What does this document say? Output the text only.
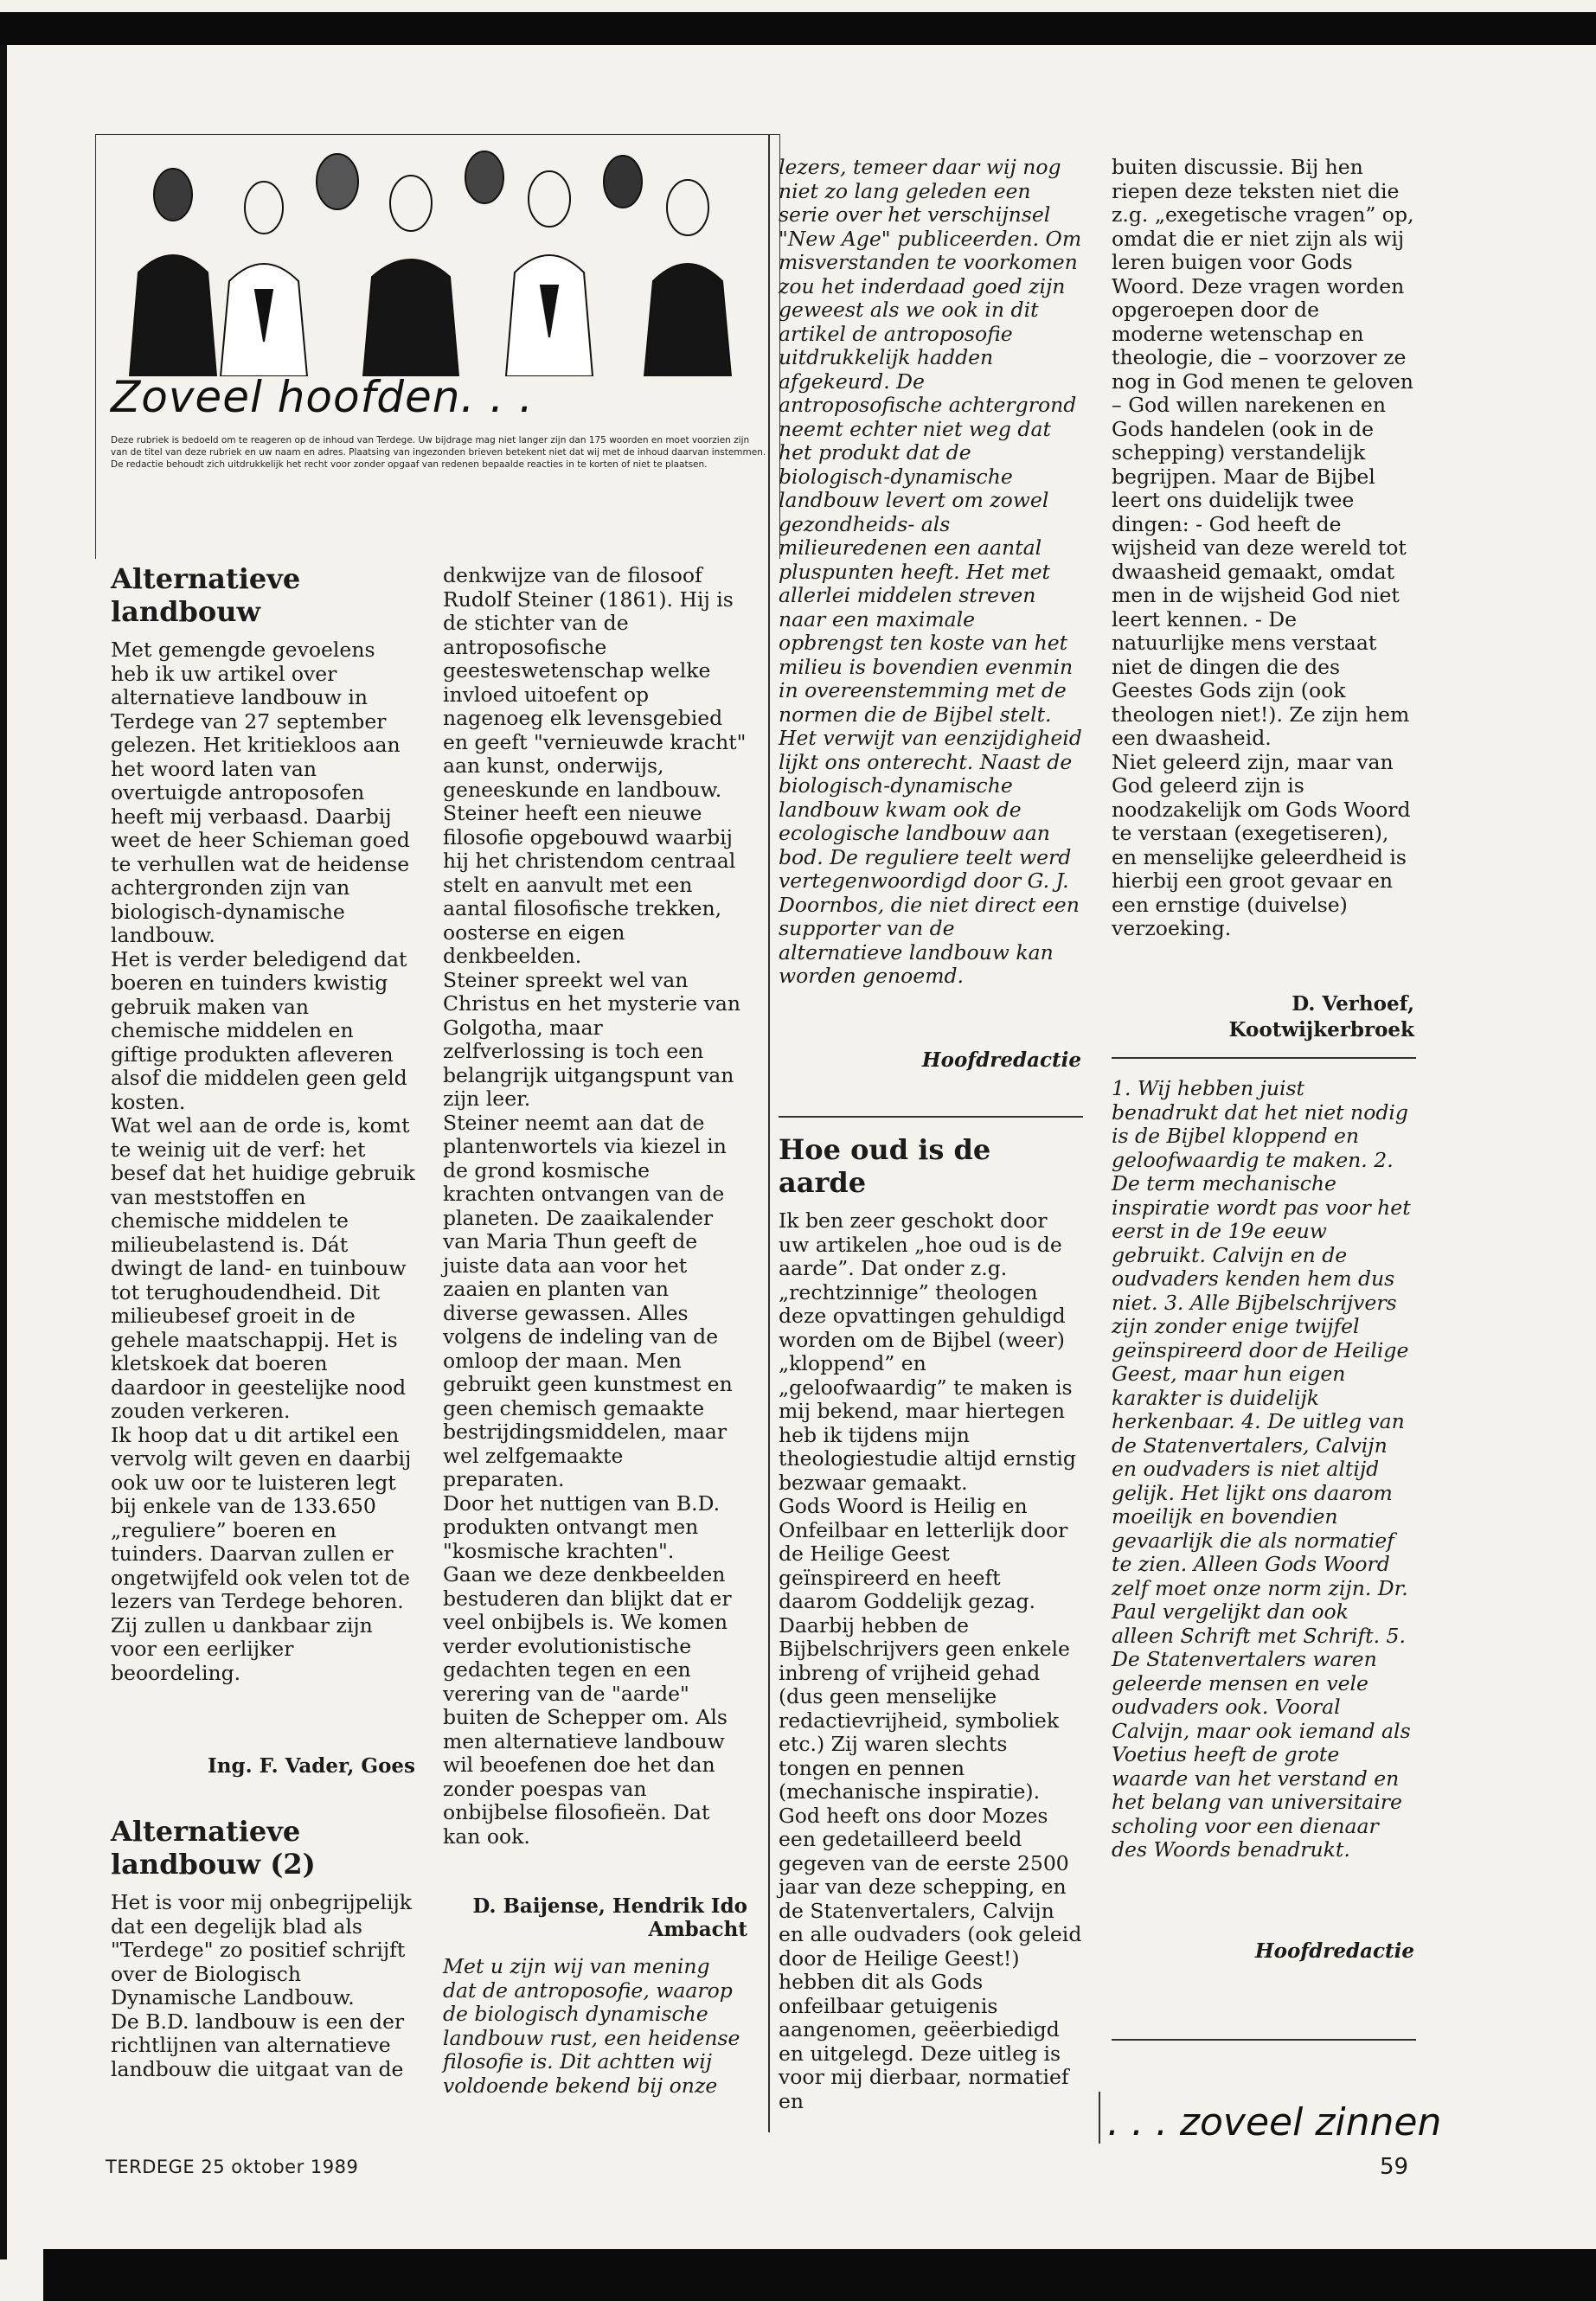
Zoveel hoofden. . .
Deze rubriek is bedoeld om te reageren op de inhoud van Terdege. Uw bijdrage mag niet langer zijn dan 175 woorden en moet voorzien zijn van de titel van deze rubriek en uw naam en adres. Plaatsing van ingezonden brieven betekent niet dat wij met de inhoud daarvan instemmen. De redactie behoudt zich uitdrukkelijk het recht voor zonder opgaaf van redenen bepaalde reacties in te korten of niet te plaatsen.
Alternatieve landbouw

Met gemengde gevoelens heb ik uw artikel over alternatieve landbouw in Terdege van 27 september gelezen. Het kritiekloos aan het woord laten van overtuigde antroposofen heeft mij verbaasd. Daarbij weet de heer Schieman goed te verhullen wat de heidense achtergronden zijn van biologisch-dynamische landbouw.

Het is verder beledigend dat boeren en tuinders kwistig gebruik maken van chemische middelen en giftige produkten afleveren alsof die middelen geen geld kosten.

Wat wel aan de orde is, komt te weinig uit de verf: het besef dat het huidige gebruik van meststoffen en chemische middelen te milieubelastend is. Dát dwingt de land- en tuinbouw tot terughoudendheid. Dit milieubesef groeit in de gehele maatschappij. Het is kletskoek dat boeren daardoor in geestelijke nood zouden verkeren.

Ik hoop dat u dit artikel een vervolg wilt geven en daarbij ook uw oor te luisteren legt bij enkele van de 133.650 „reguliere” boeren en tuinders. Daarvan zullen er ongetwijfeld ook velen tot de lezers van Terdege behoren. Zij zullen u dankbaar zijn voor een eerlijker beoordeling.

Ing. F. Vader, Goes
Alternatieve landbouw (2)

Het is voor mij onbegrijpelijk dat een degelijk blad als "Terdege" zo positief schrijft over de Biologisch Dynamische Landbouw.

De B.D. landbouw is een der richtlijnen van alternatieve landbouw die uitgaat van de

denkwijze van de filosoof Rudolf Steiner (1861). Hij is de stichter van de antroposofische geesteswetenschap welke invloed uitoefent op nagenoeg elk levensgebied en geeft "vernieuwde kracht" aan kunst, onderwijs, geneeskunde en landbouw.

Steiner heeft een nieuwe filosofie opgebouwd waarbij hij het christendom centraal stelt en aanvult met een aantal filosofische trekken, oosterse en eigen denkbeelden.

Steiner spreekt wel van Christus en het mysterie van Golgotha, maar zelfverlossing is toch een belangrijk uitgangspunt van zijn leer.

Steiner neemt aan dat de plantenwortels via kiezel in de grond kosmische krachten ontvangen van de planeten. De zaaikalender van Maria Thun geeft de juiste data aan voor het zaaien en planten van diverse gewassen. Alles volgens de indeling van de omloop der maan. Men gebruikt geen kunstmest en geen chemisch gemaakte bestrijdingsmiddelen, maar wel zelfgemaakte preparaten.

Door het nuttigen van B.D. produkten ontvangt men "kosmische krachten".

Gaan we deze denkbeelden bestuderen dan blijkt dat er veel onbijbels is. We komen verder evolutionistische gedachten tegen en een verering van de "aarde" buiten de Schepper om. Als men alternatieve landbouw wil beoefenen doe het dan zonder poespas van onbijbelse filosofieën. Dat kan ook.

D. Baijense, Hendrik Ido Ambacht
Met u zijn wij van mening dat de antroposofie, waarop de biologisch dynamische landbouw rust, een heidense filosofie is. Dit achtten wij voldoende bekend bij onze
lezers, temeer daar wij nog niet zo lang geleden een serie over het verschijnsel "New Age" publiceerden. Om misverstanden te voorkomen zou het inderdaad goed zijn geweest als we ook in dit artikel de antroposofie uitdrukkelijk hadden afgekeurd. De antroposofische achtergrond neemt echter niet weg dat het produkt dat de biologisch-dynamische landbouw levert om zowel gezondheids- als milieuredenen een aantal pluspunten heeft. Het met allerlei middelen streven naar een maximale opbrengst ten koste van het milieu is bovendien evenmin in overeenstemming met de normen die de Bijbel stelt. Het verwijt van eenzijdigheid lijkt ons onterecht. Naast de biologisch-dynamische landbouw kwam ook de ecologische landbouw aan bod. De reguliere teelt werd vertegenwoordigd door G. J. Doornbos, die niet direct een supporter van de alternatieve landbouw kan worden genoemd.
Hoofdredactie
Hoe oud is de aarde

Ik ben zeer geschokt door uw artikelen „hoe oud is de aarde”. Dat onder z.g. „rechtzinnige” theologen deze opvattingen gehuldigd worden om de Bijbel (weer) „kloppend” en „geloofwaardig” te maken is mij bekend, maar hiertegen heb ik tijdens mijn theologiestudie altijd ernstig bezwaar gemaakt.

Gods Woord is Heilig en Onfeilbaar en letterlijk door de Heilige Geest geïnspireerd en heeft daarom Goddelijk gezag. Daarbij hebben de Bijbelschrijvers geen enkele inbreng of vrijheid gehad (dus geen menselijke redactievrijheid, symboliek etc.) Zij waren slechts tongen en pennen (mechanische inspiratie). God heeft ons door Mozes een gedetailleerd beeld gegeven van de eerste 2500 jaar van deze schepping, en de Statenvertalers, Calvijn en alle oudvaders (ook geleid door de Heilige Geest!) hebben dit als Gods onfeilbaar getuigenis aangenomen, geëerbiedigd en uitgelegd. Deze uitleg is voor mij dierbaar, normatief en

buiten discussie. Bij hen riepen deze teksten niet die z.g. „exegetische vragen” op, omdat die er niet zijn als wij leren buigen voor Gods Woord. Deze vragen worden opgeroepen door de moderne wetenschap en theologie, die – voorzover ze nog in God menen te geloven – God willen narekenen en Gods handelen (ook in de schepping) verstandelijk begrijpen. Maar de Bijbel leert ons duidelijk twee dingen: - God heeft de wijsheid van deze wereld tot dwaasheid gemaakt, omdat men in de wijsheid God niet leert kennen. - De natuurlijke mens verstaat niet de dingen die des Geestes Gods zijn (ook theologen niet!). Ze zijn hem een dwaasheid.

Niet geleerd zijn, maar van God geleerd zijn is noodzakelijk om Gods Woord te verstaan (exegetiseren), en menselijke geleerdheid is hierbij een groot gevaar en een ernstige (duivelse) verzoeking.

D. Verhoef,
Kootwijkerbroek
1. Wij hebben juist benadrukt dat het niet nodig is de Bijbel kloppend en geloofwaardig te maken. 2. De term mechanische inspiratie wordt pas voor het eerst in de 19e eeuw gebruikt. Calvijn en de oudvaders kenden hem dus niet. 3. Alle Bijbelschrijvers zijn zonder enige twijfel geïnspireerd door de Heilige Geest, maar hun eigen karakter is duidelijk herkenbaar. 4. De uitleg van de Statenvertalers, Calvijn en oudvaders is niet altijd gelijk. Het lijkt ons daarom moeilijk en bovendien gevaarlijk die als normatief te zien. Alleen Gods Woord zelf moet onze norm zijn. Dr. Paul vergelijkt dan ook alleen Schrift met Schrift. 5. De Statenvertalers waren geleerde mensen en vele oudvaders ook. Vooral Calvijn, maar ook iemand als Voetius heeft de grote waarde van het verstand en het belang van universitaire scholing voor een dienaar des Woords benadrukt.
Hoofdredactie
. . . zoveel zinnen
TERDEGE 25 oktober 1989	59
